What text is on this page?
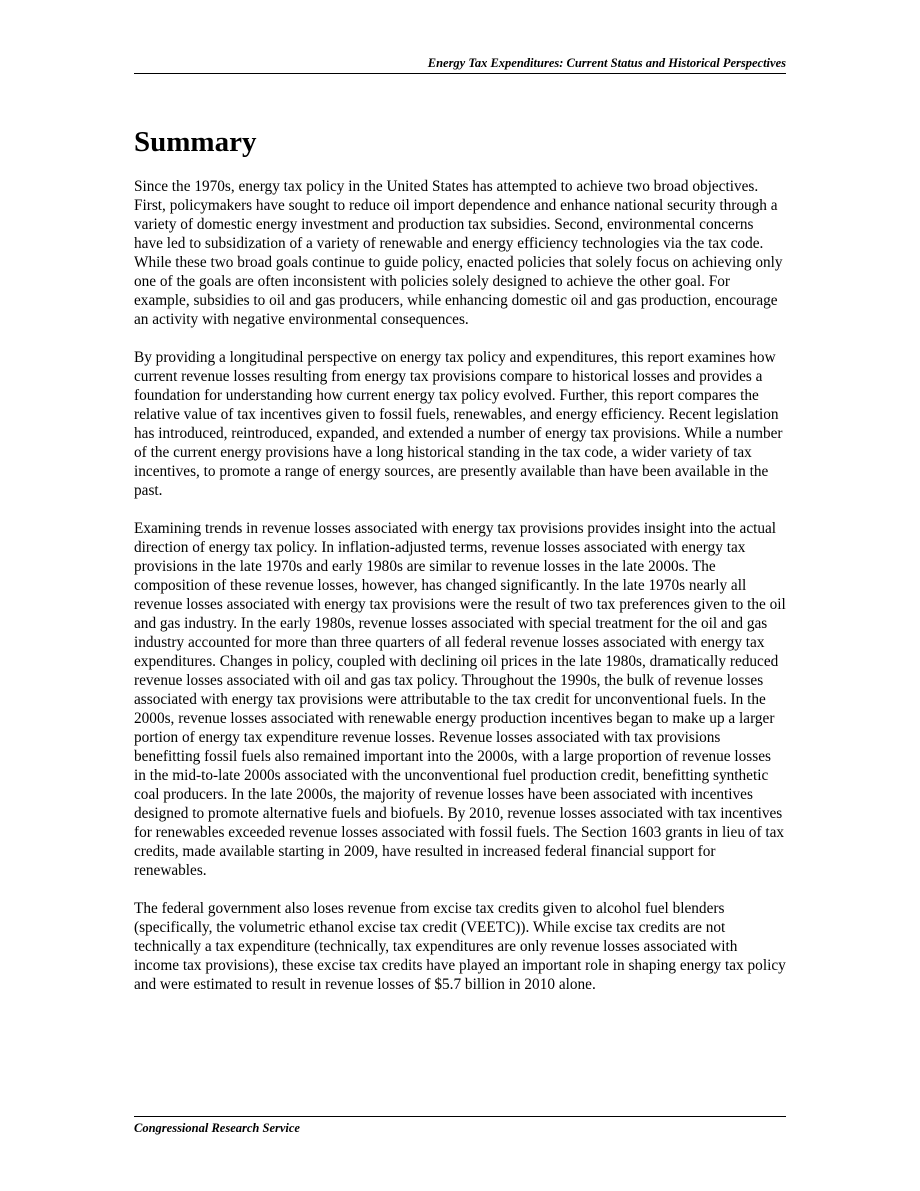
Energy Tax Expenditures: Current Status and Historical Perspectives
Summary

Since the 1970s, energy tax policy in the United States has attempted to achieve two broad objectives. First, policymakers have sought to reduce oil import dependence and enhance national security through a variety of domestic energy investment and production tax subsidies. Second, environmental concerns have led to subsidization of a variety of renewable and energy efficiency technologies via the tax code. While these two broad goals continue to guide policy, enacted policies that solely focus on achieving only one of the goals are often inconsistent with policies solely designed to achieve the other goal. For example, subsidies to oil and gas producers, while enhancing domestic oil and gas production, encourage an activity with negative environmental consequences.

By providing a longitudinal perspective on energy tax policy and expenditures, this report examines how current revenue losses resulting from energy tax provisions compare to historical losses and provides a foundation for understanding how current energy tax policy evolved. Further, this report compares the relative value of tax incentives given to fossil fuels, renewables, and energy efficiency. Recent legislation has introduced, reintroduced, expanded, and extended a number of energy tax provisions. While a number of the current energy provisions have a long historical standing in the tax code, a wider variety of tax incentives, to promote a range of energy sources, are presently available than have been available in the past.

Examining trends in revenue losses associated with energy tax provisions provides insight into the actual direction of energy tax policy. In inflation-adjusted terms, revenue losses associated with energy tax provisions in the late 1970s and early 1980s are similar to revenue losses in the late 2000s. The composition of these revenue losses, however, has changed significantly. In the late 1970s nearly all revenue losses associated with energy tax provisions were the result of two tax preferences given to the oil and gas industry. In the early 1980s, revenue losses associated with special treatment for the oil and gas industry accounted for more than three quarters of all federal revenue losses associated with energy tax expenditures. Changes in policy, coupled with declining oil prices in the late 1980s, dramatically reduced revenue losses associated with oil and gas tax policy. Throughout the 1990s, the bulk of revenue losses associated with energy tax provisions were attributable to the tax credit for unconventional fuels. In the 2000s, revenue losses associated with renewable energy production incentives began to make up a larger portion of energy tax expenditure revenue losses. Revenue losses associated with tax provisions benefitting fossil fuels also remained important into the 2000s, with a large proportion of revenue losses in the mid-to-late 2000s associated with the unconventional fuel production credit, benefitting synthetic coal producers. In the late 2000s, the majority of revenue losses have been associated with incentives designed to promote alternative fuels and biofuels. By 2010, revenue losses associated with tax incentives for renewables exceeded revenue losses associated with fossil fuels. The Section 1603 grants in lieu of tax credits, made available starting in 2009, have resulted in increased federal financial support for renewables.

The federal government also loses revenue from excise tax credits given to alcohol fuel blenders (specifically, the volumetric ethanol excise tax credit (VEETC)). While excise tax credits are not technically a tax expenditure (technically, tax expenditures are only revenue losses associated with income tax provisions), these excise tax credits have played an important role in shaping energy tax policy and were estimated to result in revenue losses of $5.7 billion in 2010 alone.

Congressional Research Service
